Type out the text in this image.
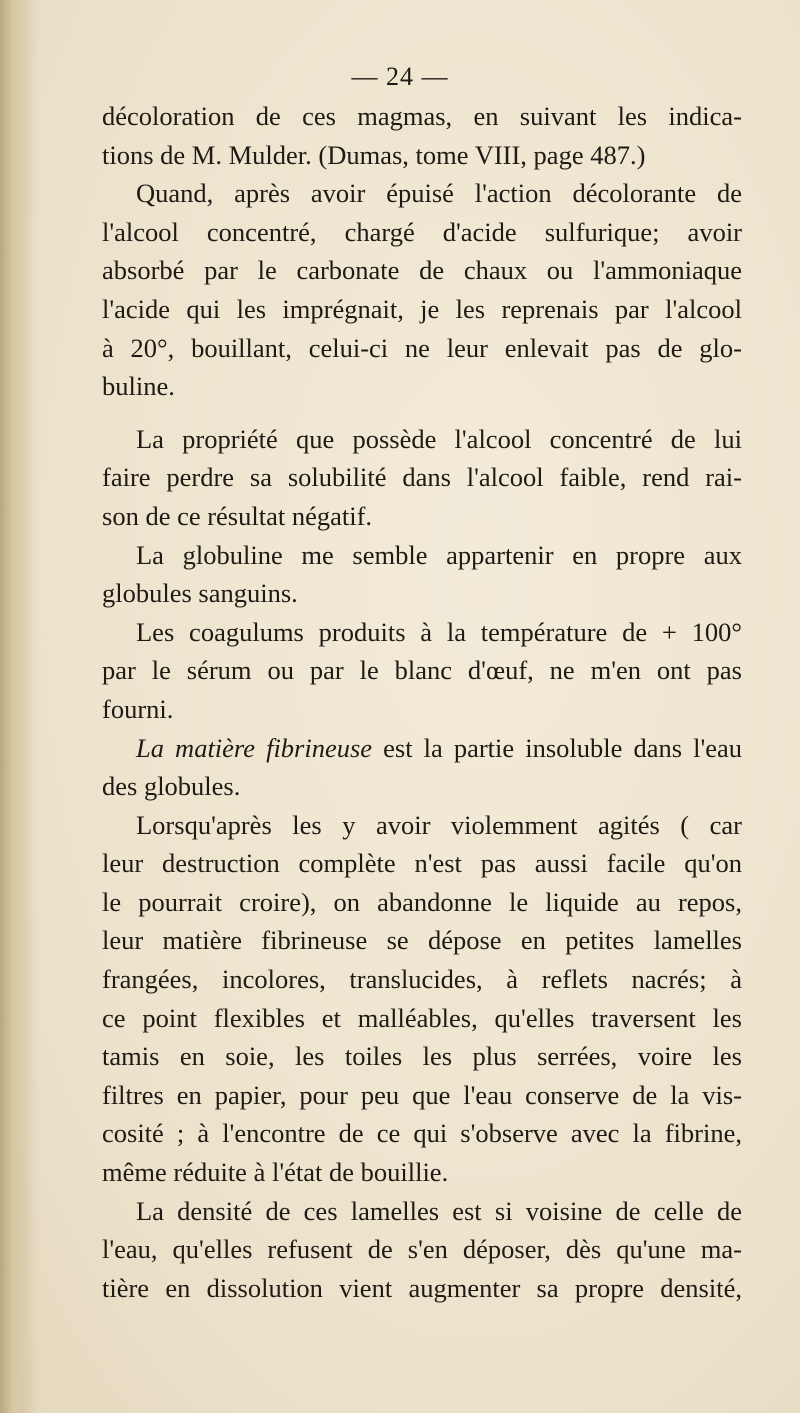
— 24 —
décoloration de ces magmas, en suivant les indica-
tions de M. Mulder. (Dumas, tome VIII, page 487.)
Quand, après avoir épuisé l'action décolorante de
l'alcool concentré, chargé d'acide sulfurique; avoir
absorbé par le carbonate de chaux ou l'ammoniaque
l'acide qui les imprégnait, je les reprenais par l'alcool
à 20°, bouillant, celui-ci ne leur enlevait pas de glo-
buline.
La propriété que possède l'alcool concentré de lui
faire perdre sa solubilité dans l'alcool faible, rend rai-
son de ce résultat négatif.
La globuline me semble appartenir en propre aux
globules sanguins.
Les coagulums produits à la température de + 100°
par le sérum ou par le blanc d'œuf, ne m'en ont pas
fourni.
La matière fibrineuse est la partie insoluble dans l'eau
des globules.
Lorsqu'après les y avoir violemment agités ( car
leur destruction complète n'est pas aussi facile qu'on
le pourrait croire), on abandonne le liquide au repos,
leur matière fibrineuse se dépose en petites lamelles
frangées, incolores, translucides, à reflets nacrés; à
ce point flexibles et malléables, qu'elles traversent les
tamis en soie, les toiles les plus serrées, voire les
filtres en papier, pour peu que l'eau conserve de la vis-
cosité ; à l'encontre de ce qui s'observe avec la fibrine,
même réduite à l'état de bouillie.
La densité de ces lamelles est si voisine de celle de
l'eau, qu'elles refusent de s'en déposer, dès qu'une ma-
tière en dissolution vient augmenter sa propre densité,
